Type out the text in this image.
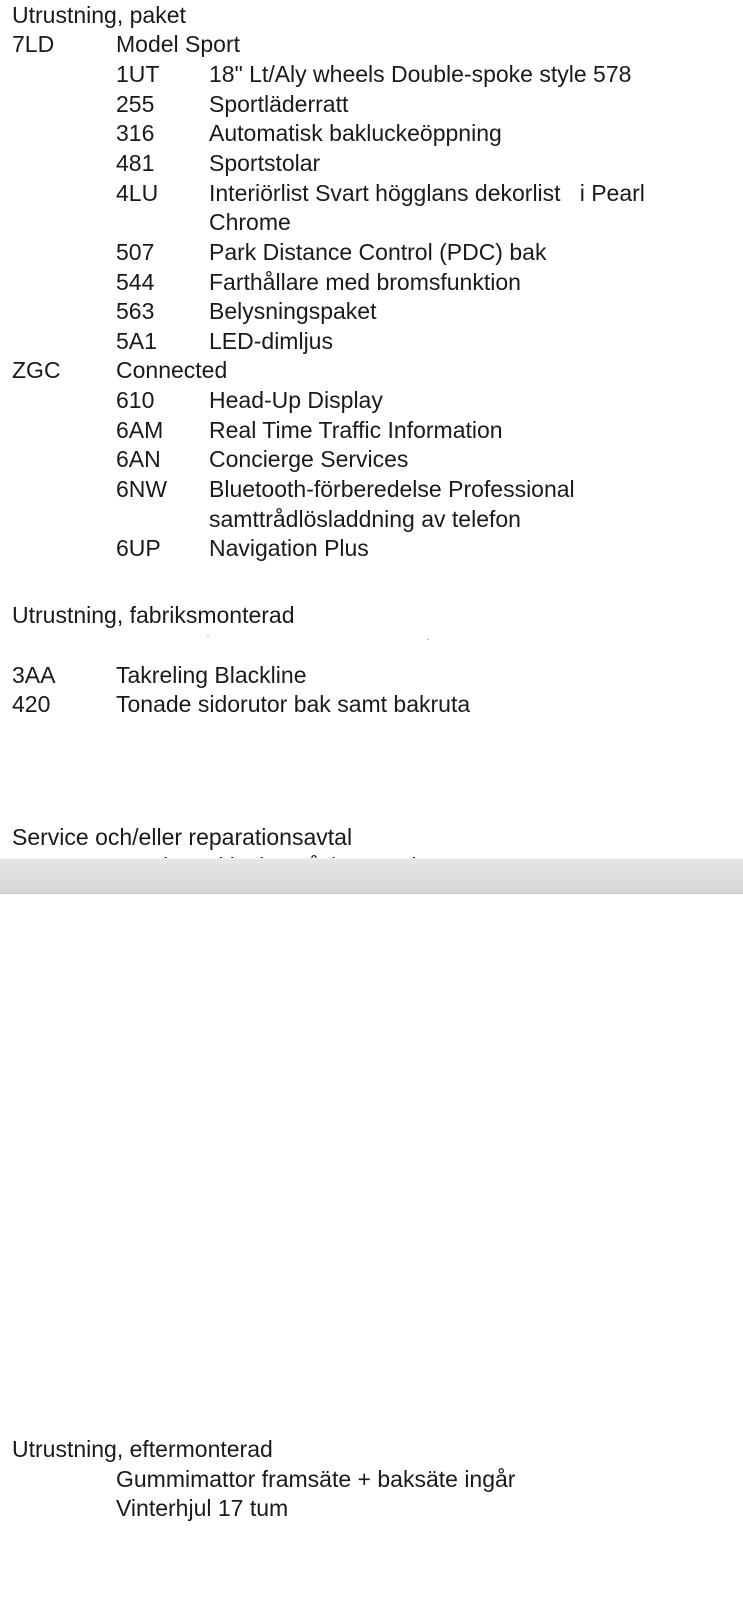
Utrustning, paket
7LD	Model Sport
1UT 18" Lt/Aly wheels Double-spoke style 578
255 Sportläderratt
316 Automatisk bakluckeöppning
481 Sportstolar
4LU Interiörlist Svart högglans dekorlist   i Pearl
Chrome
507 Park Distance Control (PDC) bak
544 Farthållare med bromsfunktion
563 Belysningspaket
5A1 LED-dimljus
ZGC Connected
610 Head-Up Display
6AM Real Time Traffic Information
6AN Concierge Services
6NW Bluetooth-förberedelse Professional
samttrådlösladdning av telefon
6UP Navigation Plus
Utrustning, fabriksmonterad
3AA	Takreling Blackline
420	Tonade sidorutor bak samt bakruta
Service och/eller reparationsavtal
Utrustning, eftermonterad
Gummimattor framsäte + baksäte ingår
Vinterhjul 17 tum
